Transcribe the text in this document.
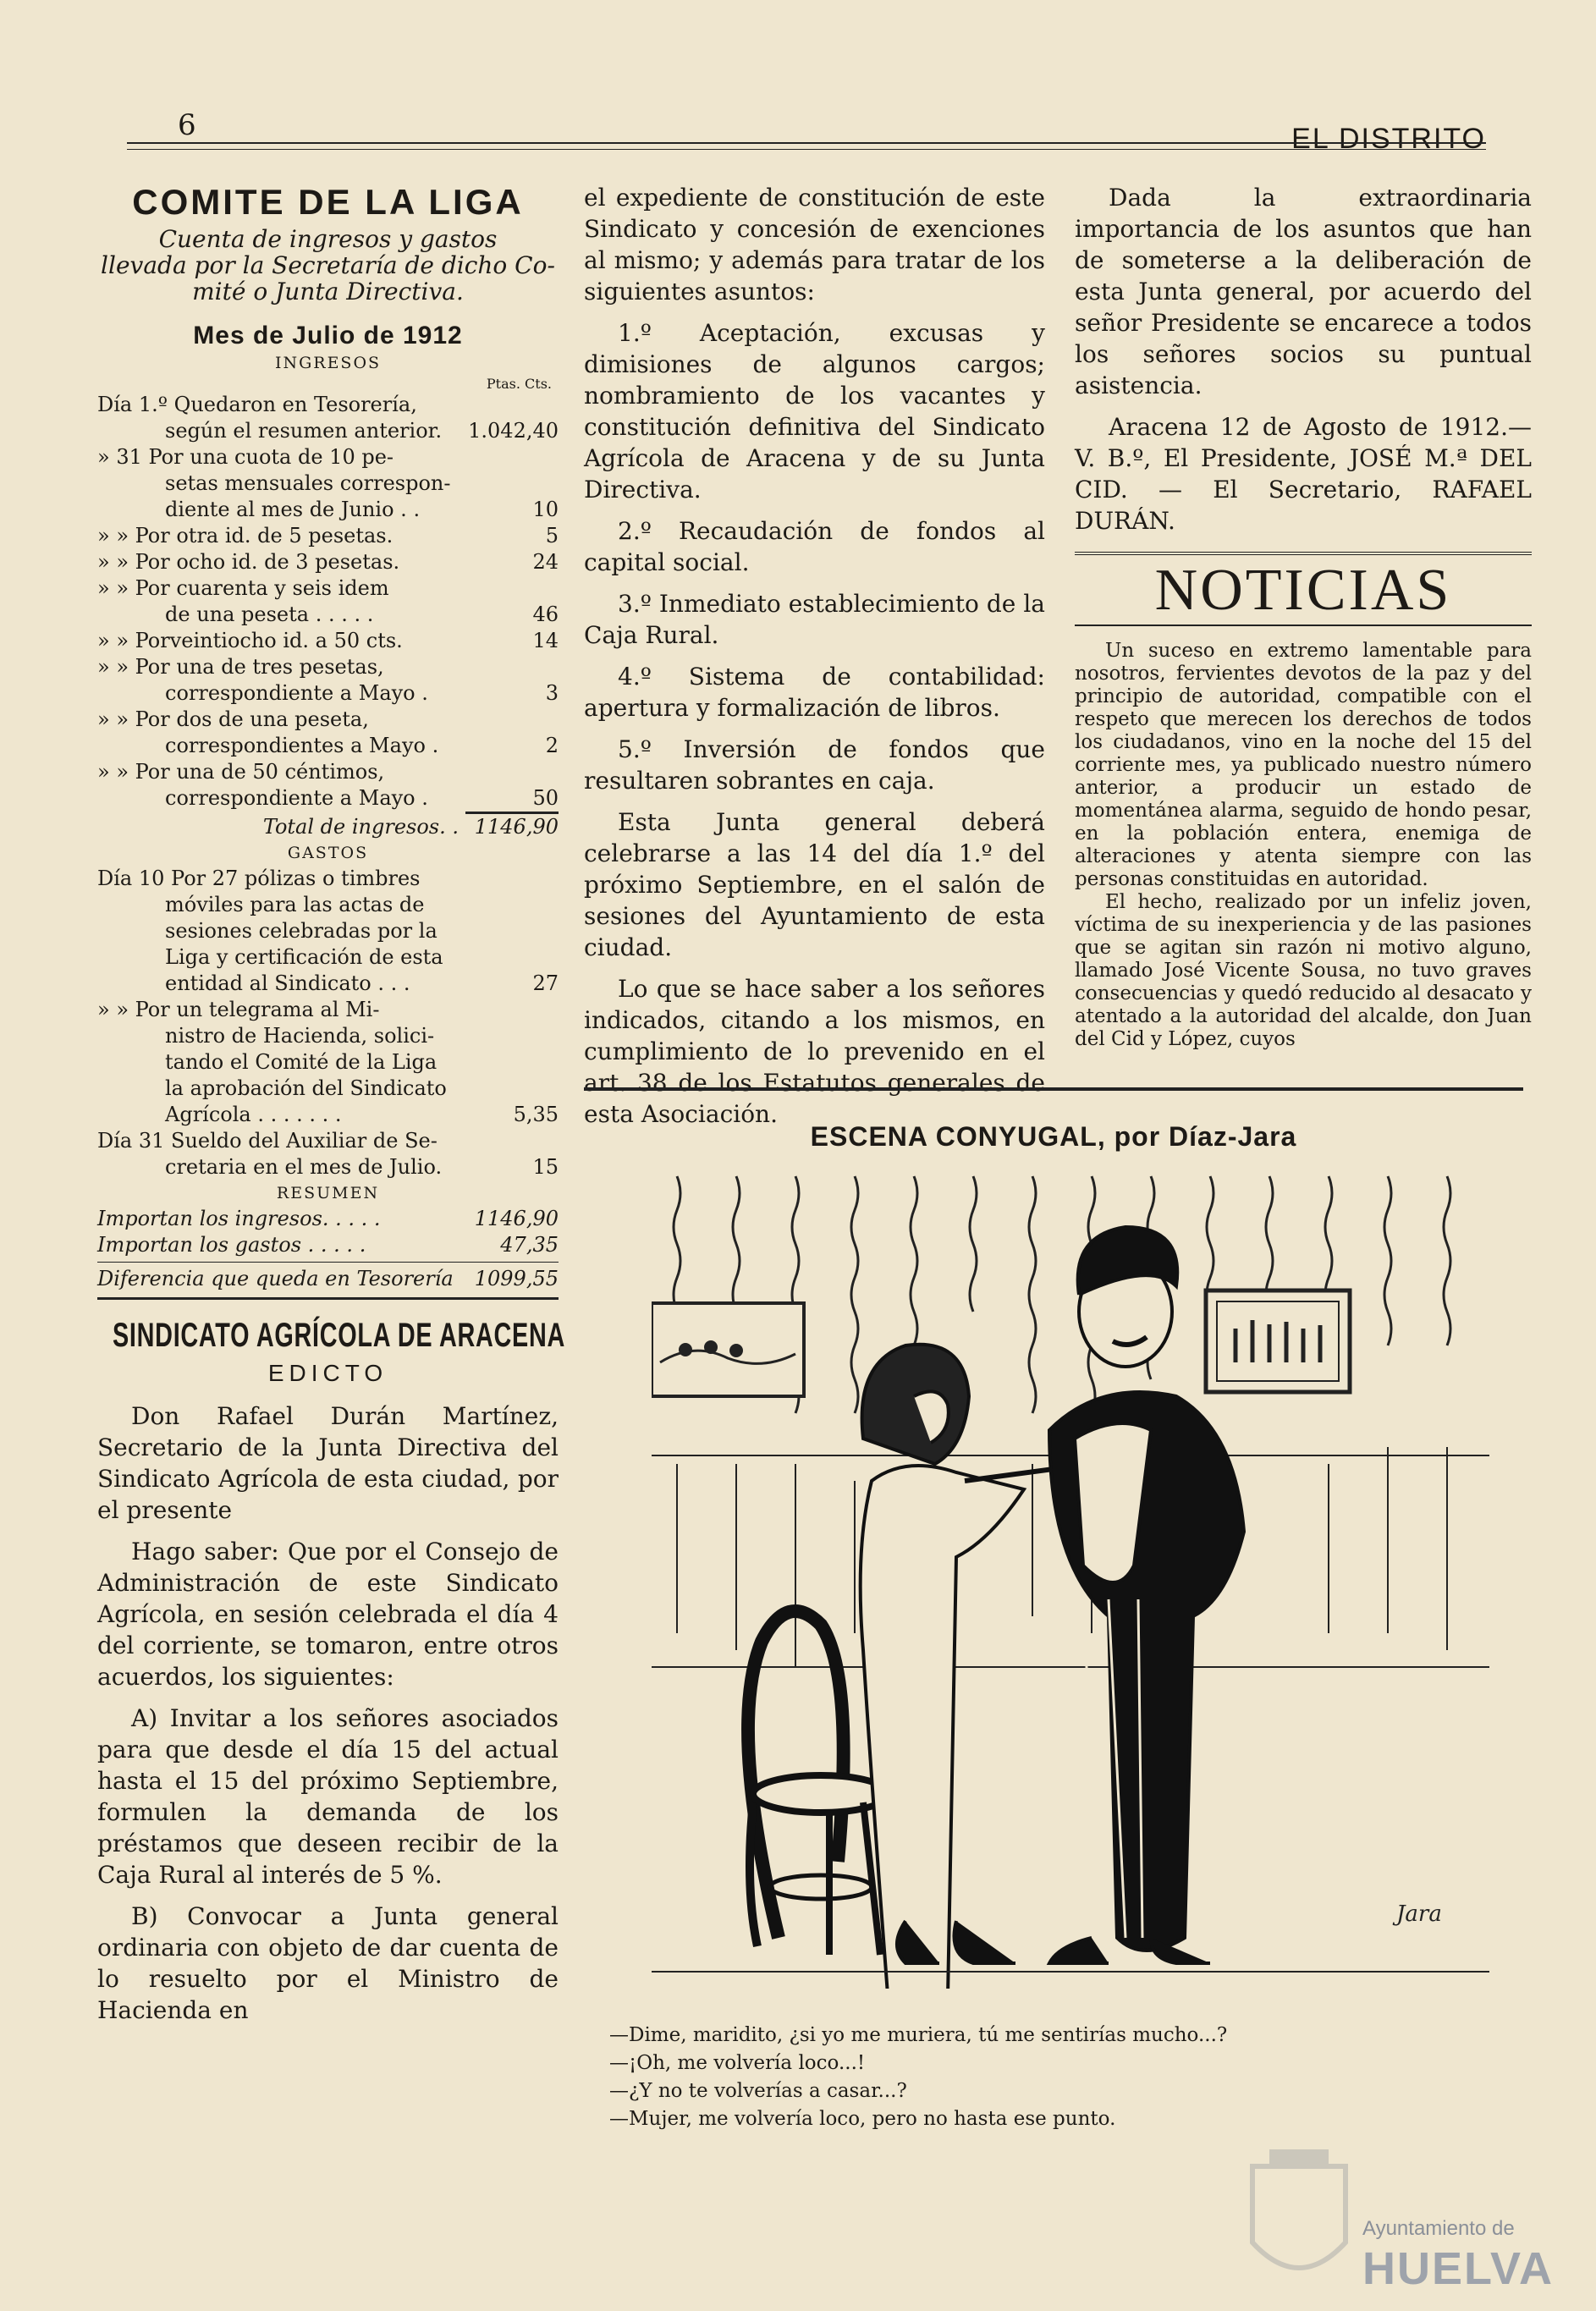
6	EL DISTRITO
COMITE DE LA LIGA
Cuenta de ingresos y gastos
llevada por la Secretaría de dicho Co-
mité o Junta Directiva.
Mes de Julio de 1912
INGRESOS
Ptas. Cts.
Día 1.º Quedaron en Tesorería,
según el resumen anterior.	1.042,40
» 31 Por una cuota de 10 pe-
setas mensuales correspon-
diente al mes de Junio . .	10
» » Por otra id. de 5 pesetas.	5
» » Por ocho id. de 3 pesetas.	24
» » Por cuarenta y seis idem
de una peseta . . . . .	46
» » Porveintiocho id. a 50 cts.	14
» » Por una de tres pesetas,
correspondiente a Mayo .	3
» » Por dos de una peseta,
correspondientes a Mayo .	2
» » Por una de 50 céntimos,
correspondiente a Mayo .	50
Total de ingresos. . 1146,90
GASTOS
Día 10 Por 27 pólizas o timbres
móviles para las actas de
sesiones celebradas por la
Liga y certificación de esta
entidad al Sindicato . . .	27
» » Por un telegrama al Mi-
nistro de Hacienda, solici-
tando el Comité de la Liga
la aprobación del Sindicato
Agrícola . . . . . . .	5,35
Día 31 Sueldo del Auxiliar de Se-
cretaria en el mes de Julio.	15
RESUMEN
Importan los ingresos. . . . .	1146,90
Importan los gastos . . . . .	47,35
Diferencia que queda en Tesorería	1099,55
SINDICATO AGRÍCOLA DE ARACENA
EDICTO

Don Rafael Durán Martínez, Secretario de la Junta Directiva del Sindicato Agrícola de esta ciudad, por el presente

Hago saber: Que por el Consejo de Administración de este Sindicato Agrícola, en sesión celebrada el día 4 del corriente, se tomaron, entre otros acuerdos, los siguientes:

A) Invitar a los señores asociados para que desde el día 15 del actual hasta el 15 del próximo Septiembre, formulen la demanda de los préstamos que deseen recibir de la Caja Rural al interés de 5 %.

B) Convocar a Junta general ordinaria con objeto de dar cuenta de lo resuelto por el Ministro de Hacienda en

el expediente de constitución de este Sindicato y concesión de exenciones al mismo; y además para tratar de los siguientes asuntos:

1.º Aceptación, excusas y dimisiones de algunos cargos; nombramiento de los vacantes y constitución definitiva del Sindicato Agrícola de Aracena y de su Junta Directiva.

2.º Recaudación de fondos al capital social.

3.º Inmediato establecimiento de la Caja Rural.

4.º Sistema de contabilidad: apertura y formalización de libros.

5.º Inversión de fondos que resultaren sobrantes en caja.

Esta Junta general deberá celebrarse a las 14 del día 1.º del próximo Septiembre, en el salón de sesiones del Ayuntamiento de esta ciudad.

Lo que se hace saber a los señores indicados, citando a los mismos, en cumplimiento de lo prevenido en el art. 38 de los Estatutos generales de esta Asociación.

Dada la extraordinaria importancia de los asuntos que han de someterse a la deliberación de esta Junta general, por acuerdo del señor Presidente se encarece a todos los señores socios su puntual asistencia.

Aracena 12 de Agosto de 1912.— V. B.º, El Presidente, JOSÉ M.ª DEL CID. — El Secretario, RAFAEL DURÁN.

NOTICIAS

Un suceso en extremo lamentable para nosotros, fervientes devotos de la paz y del principio de autoridad, compatible con el respeto que merecen los derechos de todos los ciudadanos, vino en la noche del 15 del corriente mes, ya publicado nuestro número anterior, a producir un estado de momentánea alarma, seguido de hondo pesar, en la población entera, enemiga de alteraciones y atenta siempre con las personas constituidas en autoridad.

El hecho, realizado por un infeliz joven, víctima de su inexperiencia y de las pasiones que se agitan sin razón ni motivo alguno, llamado José Vicente Sousa, no tuvo graves consecuencias y quedó reducido al desacato y atentado a la autoridad del alcalde, don Juan del Cid y López, cuyos

ESCENA CONYUGAL, por Díaz-Jara
Jara
—Dime, maridito, ¿si yo me muriera, tú me sentirías mucho...?
—¡Oh, me volvería loco...!
—¿Y no te volverías a casar...?
—Mujer, me volvería loco, pero no hasta ese punto.
Ayuntamiento de
HUELVA
